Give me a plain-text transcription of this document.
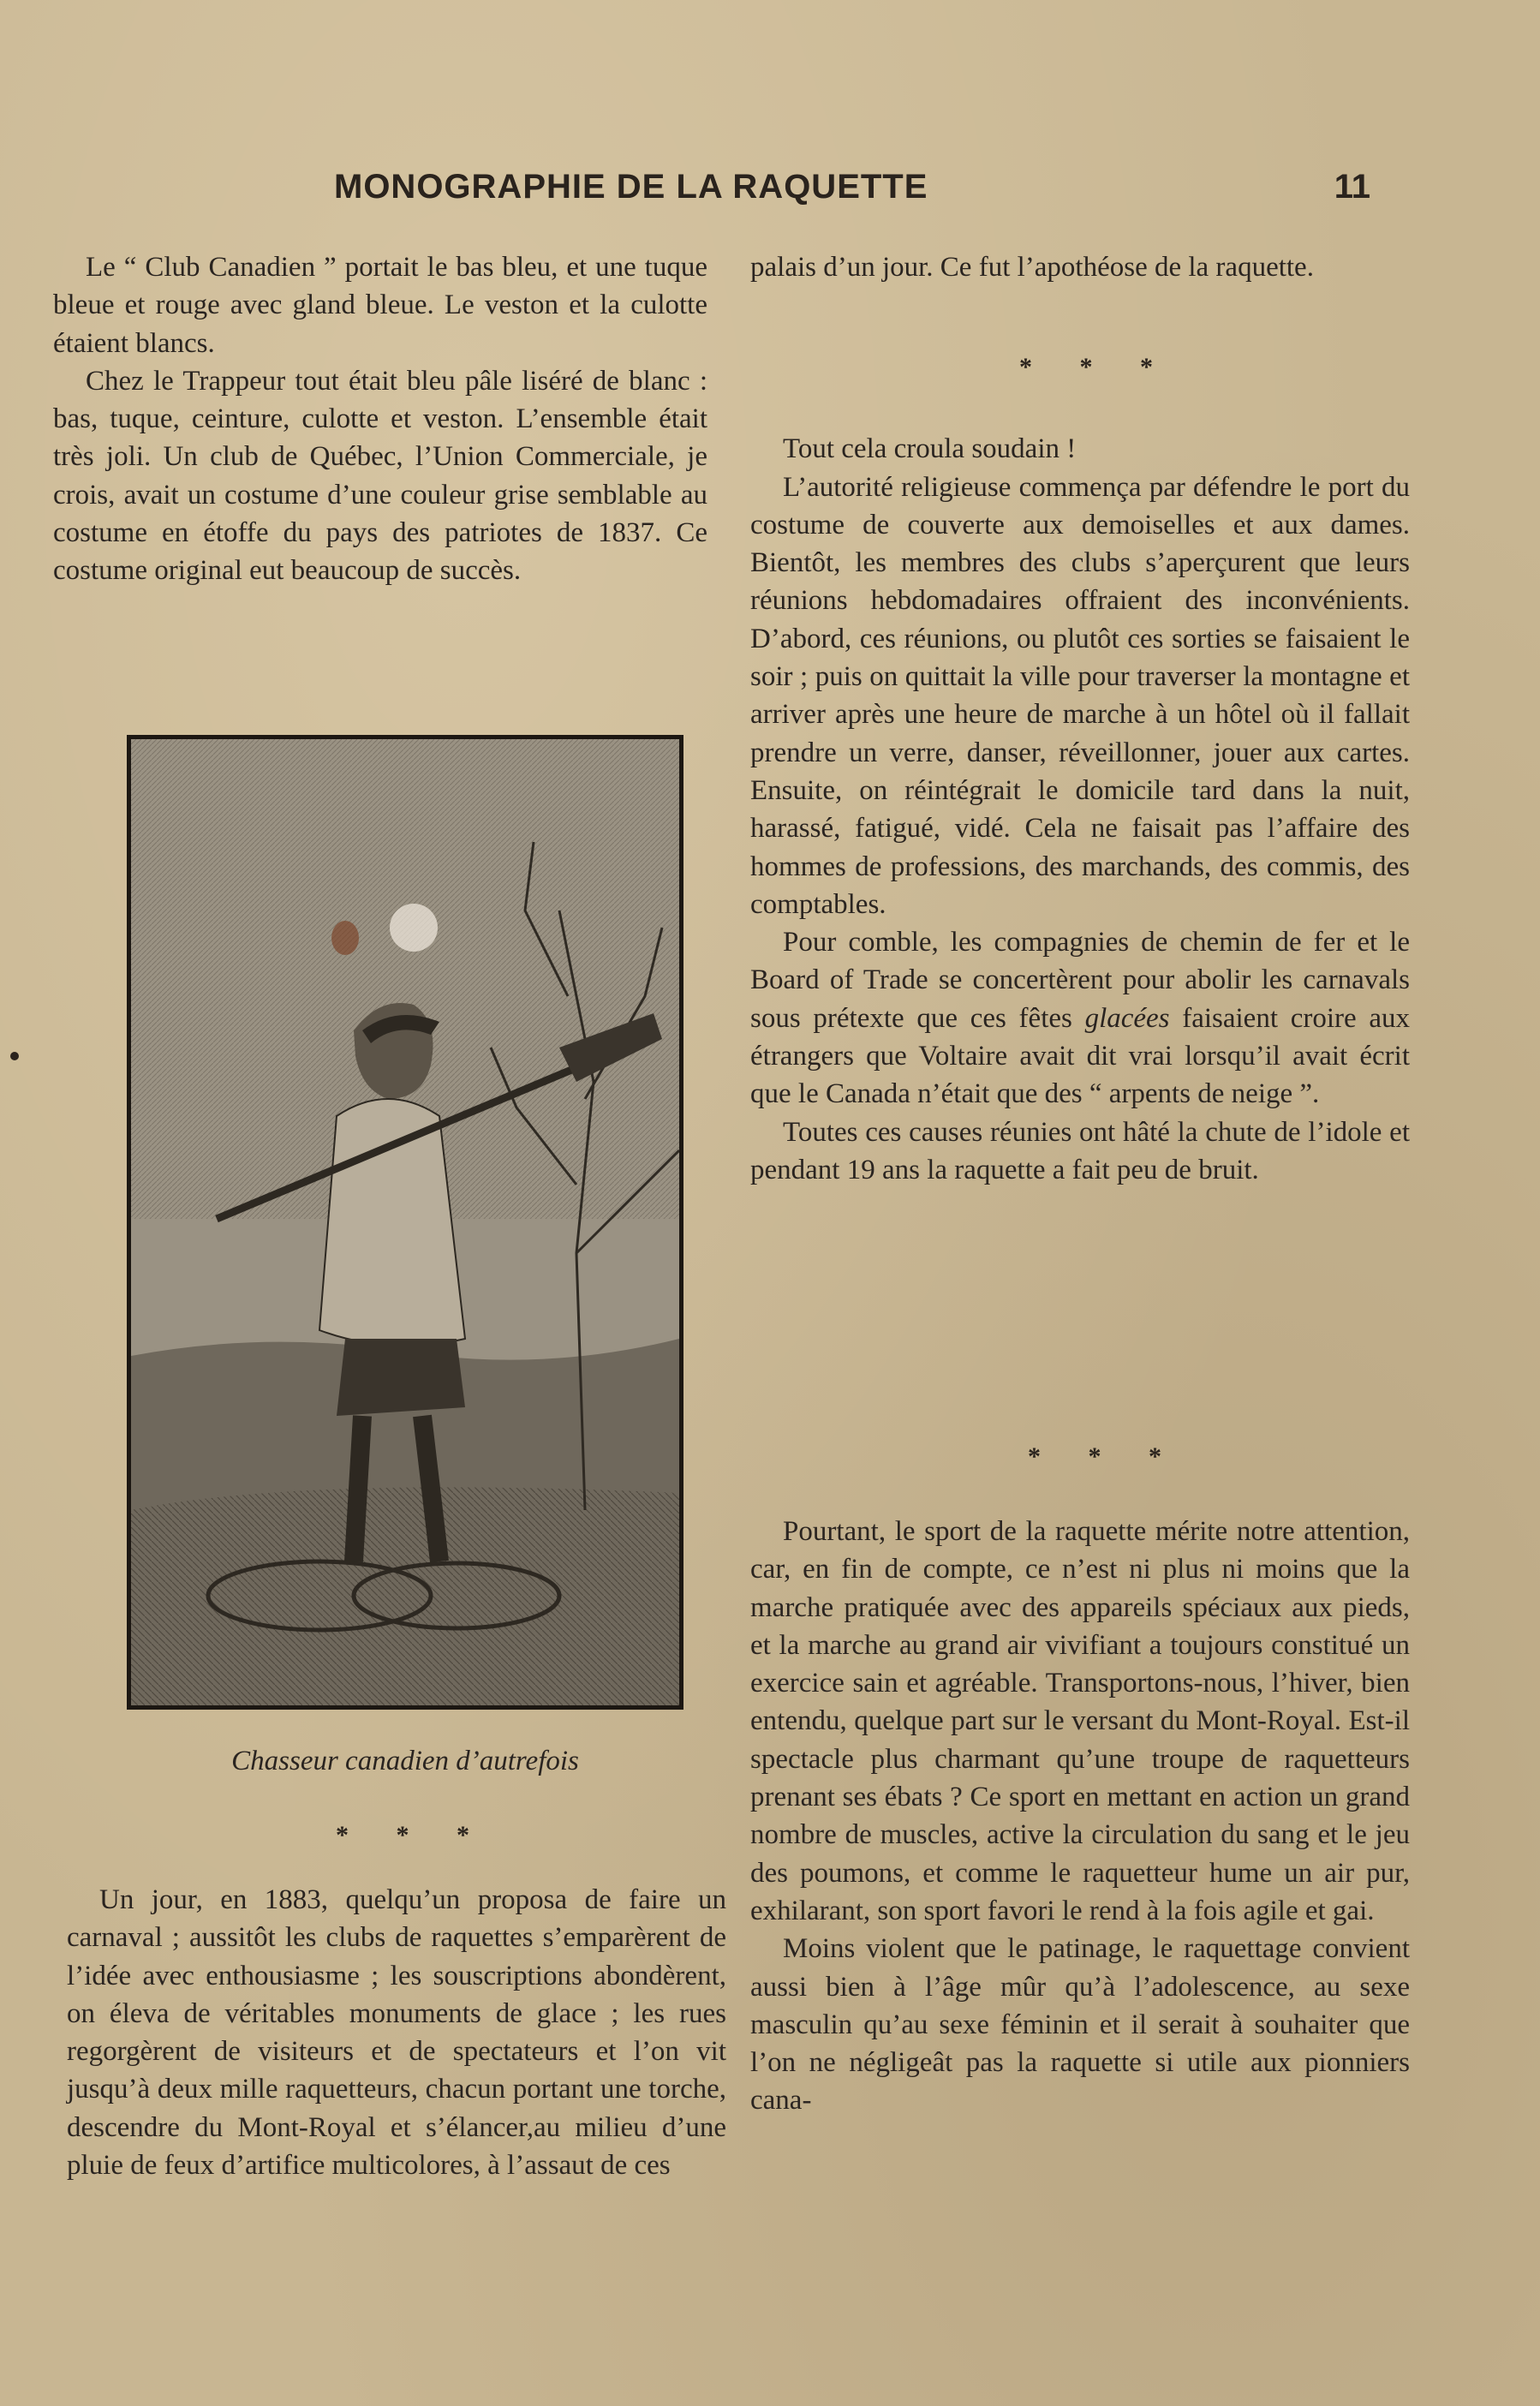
MONOGRAPHIE DE LA RAQUETTE	11

Le “ Club Canadien ” portait le bas bleu, et une tuque bleue et rouge avec gland bleue. Le veston et la culotte étaient blancs.

Chez le Trappeur tout était bleu pâle liséré de blanc : bas, tuque, ceinture, culotte et veston. L’ensemble était très joli. Un club de Québec, l’Union Commerciale, je crois, avait un costume d’une couleur grise semblable au costume en étoffe du pays des patriotes de 1837. Ce costume original eut beaucoup de succès.

Chasseur canadien d’autrefois
* * *

Un jour, en 1883, quelqu’un proposa de faire un carnaval ; aussitôt les clubs de raquettes s’emparèrent de l’idée avec enthousiasme ; les souscriptions abondèrent, on éleva de véritables monuments de glace ; les rues regorgèrent de visiteurs et de spectateurs et l’on vit jusqu’à deux mille raquetteurs, chacun portant une torche, descendre du Mont-Royal et s’élancer,au milieu d’une pluie de feux d’artifice multicolores, à l’assaut de ces

palais d’un jour. Ce fut l’apothéose de la raquette.

Tout cela croula soudain !

L’autorité religieuse commença par défendre le port du costume de couverte aux demoiselles et aux dames. Bientôt, les membres des clubs s’aperçurent que leurs réunions hebdomadaires offraient des inconvénients. D’abord, ces réunions, ou plutôt ces sorties se faisaient le soir ; puis on quittait la ville pour traverser la montagne et arriver après une heure de marche à un hôtel où il fallait prendre un verre, danser, réveillonner, jouer aux cartes. Ensuite, on réintégrait le domicile tard dans la nuit, harassé, fatigué, vidé. Cela ne faisait pas l’affaire des hommes de professions, des marchands, des commis, des comptables.

Pour comble, les compagnies de chemin de fer et le Board of Trade se concertèrent pour abolir les carnavals sous prétexte que ces fêtes glacées faisaient croire aux étrangers que Voltaire avait dit vrai lorsqu’il avait écrit que le Canada n’était que des “ arpents de neige ”.

Toutes ces causes réunies ont hâté la chute de l’idole et pendant 19 ans la raquette a fait peu de bruit.

* * *
* * *

Pourtant, le sport de la raquette mérite notre attention, car, en fin de compte, ce n’est ni plus ni moins que la marche pratiquée avec des appareils spéciaux aux pieds, et la marche au grand air vivifiant a toujours constitué un exercice sain et agréable. Transportons-nous, l’hiver, bien entendu, quelque part sur le versant du Mont-Royal. Est-il spectacle plus charmant qu’une troupe de raquetteurs prenant ses ébats ? Ce sport en mettant en action un grand nombre de muscles, active la circulation du sang et le jeu des poumons, et comme le raquetteur hume un air pur, exhilarant, son sport favori le rend à la fois agile et gai.

Moins violent que le patinage, le raquettage convient aussi bien à l’âge mûr qu’à l’adolescence, au sexe masculin qu’au sexe féminin et il serait à souhaiter que l’on ne négligeât pas la raquette si utile aux pionniers cana-
